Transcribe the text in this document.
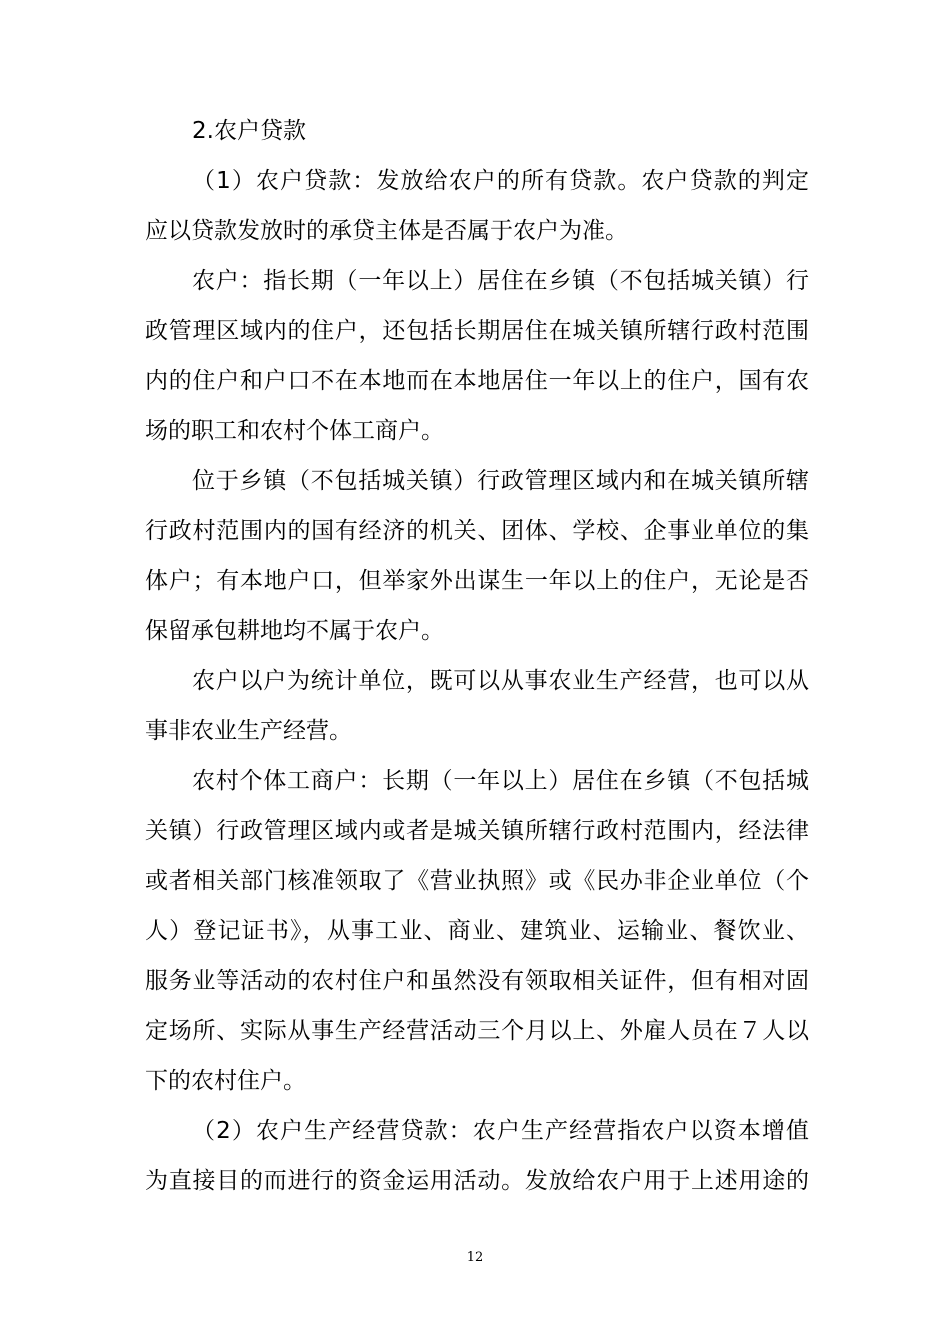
2.农户贷款
（1）农户贷款：发放给农户的所有贷款。农户贷款的判定
应以贷款发放时的承贷主体是否属于农户为准。
农户：指长期（一年以上）居住在乡镇（不包括城关镇）行
政管理区域内的住户，还包括长期居住在城关镇所辖行政村范围
内的住户和户口不在本地而在本地居住一年以上的住户，国有农
场的职工和农村个体工商户。
位于乡镇（不包括城关镇）行政管理区域内和在城关镇所辖
行政村范围内的国有经济的机关、团体、学校、企事业单位的集
体户；有本地户口，但举家外出谋生一年以上的住户，无论是否
保留承包耕地均不属于农户。
农户以户为统计单位，既可以从事农业生产经营，也可以从
事非农业生产经营。
农村个体工商户：长期（一年以上）居住在乡镇（不包括城
关镇）行政管理区域内或者是城关镇所辖行政村范围内，经法律
或者相关部门核准领取了《营业执照》或《民办非企业单位（个
人）登记证书》，从事工业、商业、建筑业、运输业、餐饮业、
服务业等活动的农村住户和虽然没有领取相关证件，但有相对固
定场所、实际从事生产经营活动三个月以上、外雇人员在７人以
下的农村住户。
（2）农户生产经营贷款：农户生产经营指农户以资本增值
为直接目的而进行的资金运用活动。发放给农户用于上述用途的
12
